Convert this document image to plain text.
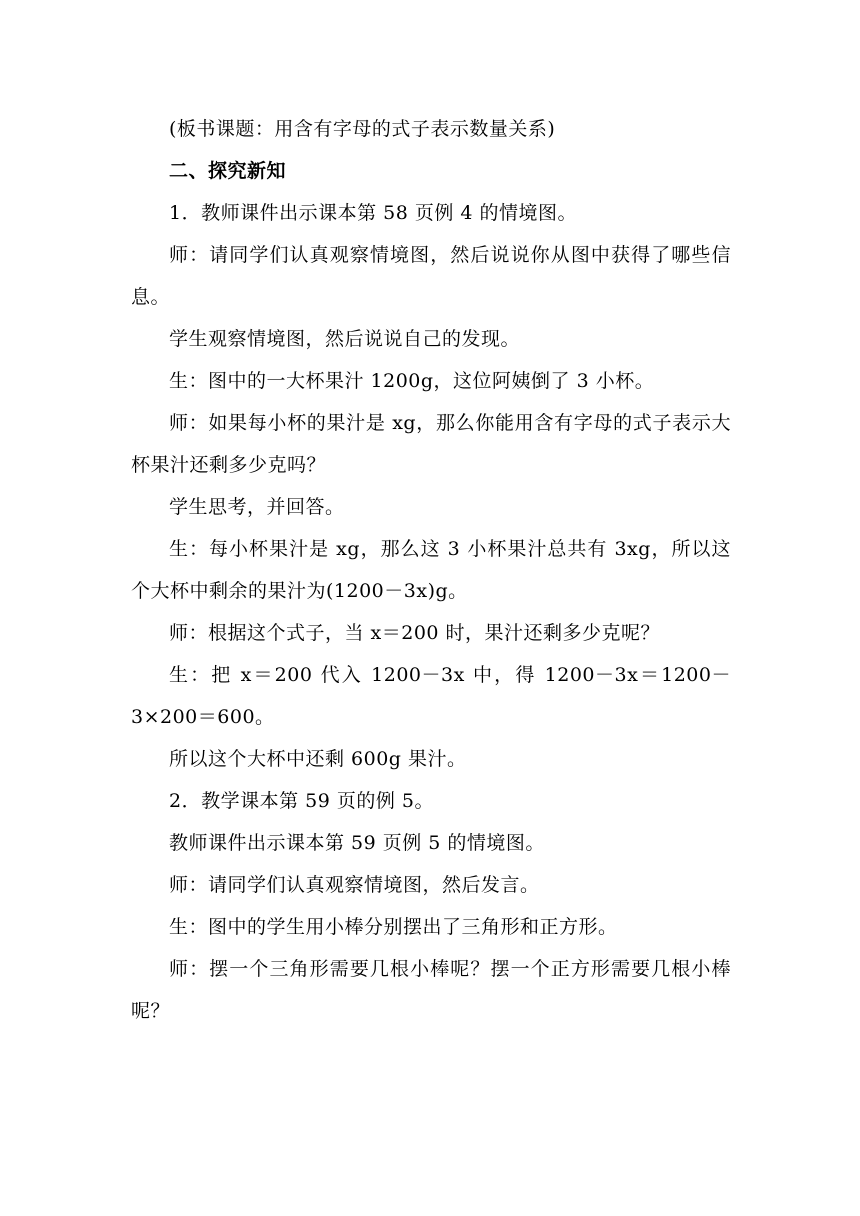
(板书课题：用含有字母的式子表示数量关系)

二、探究新知

1．教师课件出示课本第 58 页例 4 的情境图。

师：请同学们认真观察情境图，然后说说你从图中获得了哪些信息。

学生观察情境图，然后说说自己的发现。

生：图中的一大杯果汁 1200g，这位阿姨倒了 3 小杯。

师：如果每小杯的果汁是 xg，那么你能用含有字母的式子表示大杯果汁还剩多少克吗？

学生思考，并回答。

生：每小杯果汁是 xg，那么这 3 小杯果汁总共有 3xg，所以这个大杯中剩余的果汁为(1200－3x)g。

师：根据这个式子，当 x＝200 时，果汁还剩多少克呢？

生：把 x＝200 代入 1200－3x 中，得 1200－3x＝1200－3×200＝600。

所以这个大杯中还剩 600g 果汁。

2．教学课本第 59 页的例 5。

教师课件出示课本第 59 页例 5 的情境图。

师：请同学们认真观察情境图，然后发言。

生：图中的学生用小棒分别摆出了三角形和正方形。

师：摆一个三角形需要几根小棒呢？摆一个正方形需要几根小棒呢？
